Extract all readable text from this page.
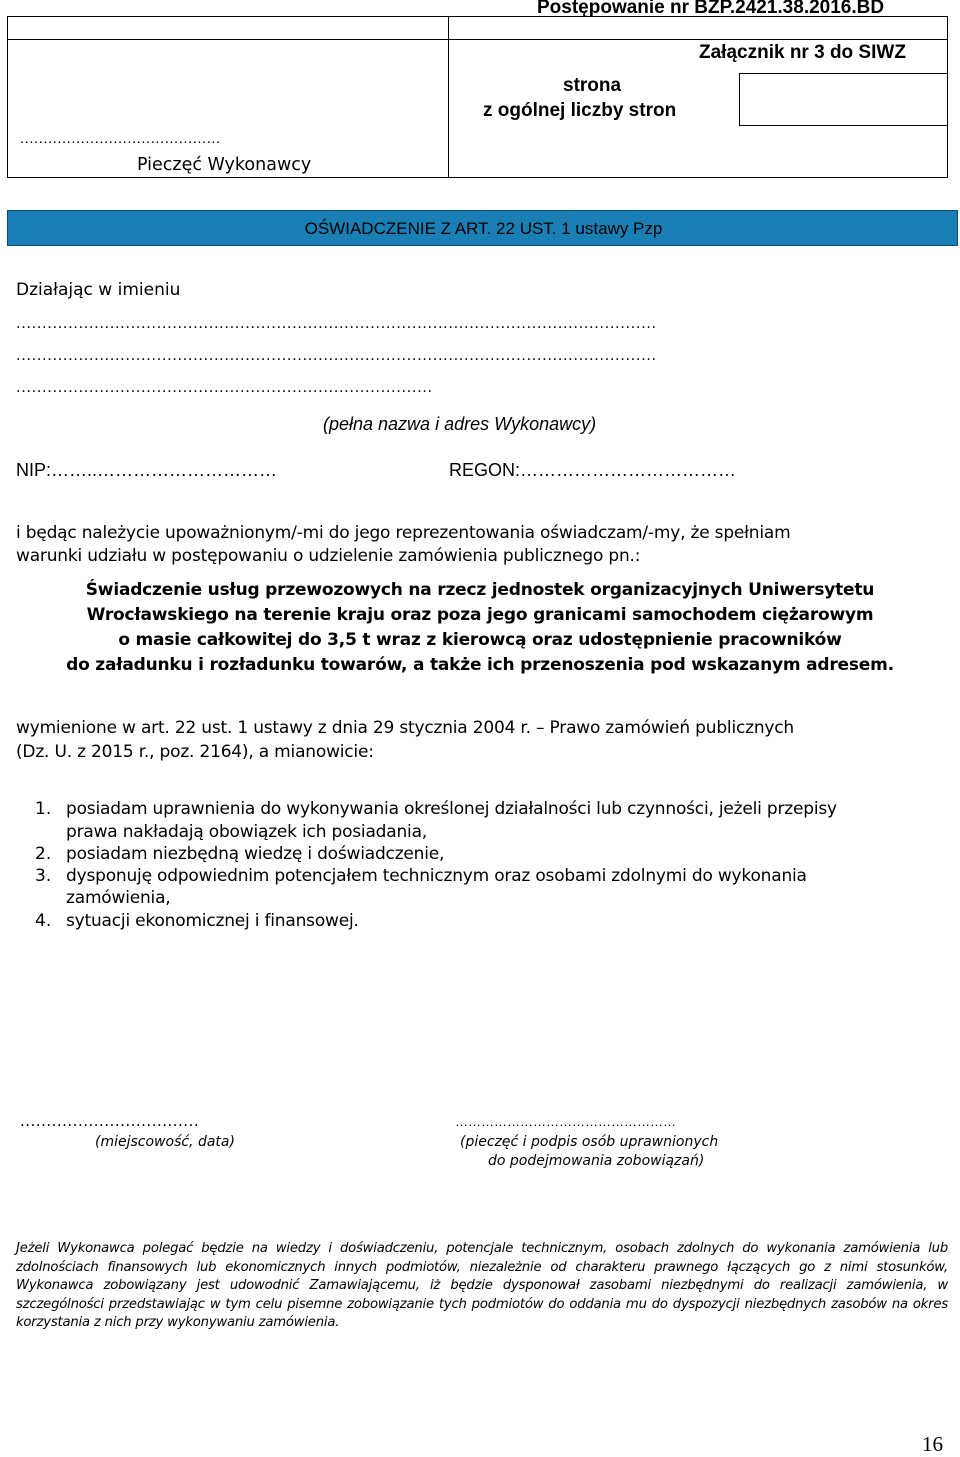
Postępowanie nr BZP.2421.38.2016.BD
Załącznik nr 3 do SIWZ
strona
z ogólnej liczby stron
...........................................
Pieczęć Wykonawcy
OŚWIADCZENIE Z ART. 22 UST. 1 ustawy Pzp
Działając w imieniu
...........................................................................................................................
...........................................................................................................................
................................................................................
(pełna nazwa i adres Wykonawcy)
NIP:……..…………………………	REGON:………………………………
i będąc należycie upoważnionym/-mi do jego reprezentowania oświadczam/-my, że spełniam
warunki udziału w postępowaniu o udzielenie zamówienia publicznego pn.:
Świadczenie usług przewozowych na rzecz jednostek organizacyjnych Uniwersytetu
Wrocławskiego na terenie kraju oraz poza jego granicami samochodem ciężarowym
o masie całkowitej do 3,5 t wraz z kierowcą oraz udostępnienie pracowników
do załadunku i rozładunku towarów, a także ich przenoszenia pod wskazanym adresem.
wymienione w art. 22 ust. 1 ustawy z dnia 29 stycznia 2004 r. – Prawo zamówień publicznych
(Dz. U. z 2015 r., poz. 2164), a mianowicie:
1. posiadam uprawnienia do wykonywania określonej działalności lub czynności, jeżeli przepisy
prawa nakładają obowiązek ich posiadania,
2. posiadam niezbędną wiedzę i doświadczenie,
3. dysponuję odpowiednim potencjałem technicznym oraz osobami zdolnymi do wykonania
zamówienia,
4. sytuacji ekonomicznej i finansowej.
..................................
(miejscowość, data)
……………………………………………
(pieczęć i podpis osób uprawnionych
do podejmowania zobowiązań)
Jeżeli Wykonawca polegać będzie na wiedzy i doświadczeniu, potencjale technicznym, osobach zdolnych do wykonania zamówienia lub zdolnościach finansowych lub ekonomicznych innych podmiotów, niezależnie od charakteru prawnego łączących go z nimi stosunków, Wykonawca zobowiązany jest udowodnić Zamawiającemu, iż będzie dysponował zasobami niezbędnymi do realizacji zamówienia, w szczególności przedstawiając w tym celu pisemne zobowiązanie tych podmiotów do oddania mu do dyspozycji niezbędnych zasobów na okres korzystania z nich przy wykonywaniu zamówienia.
16
